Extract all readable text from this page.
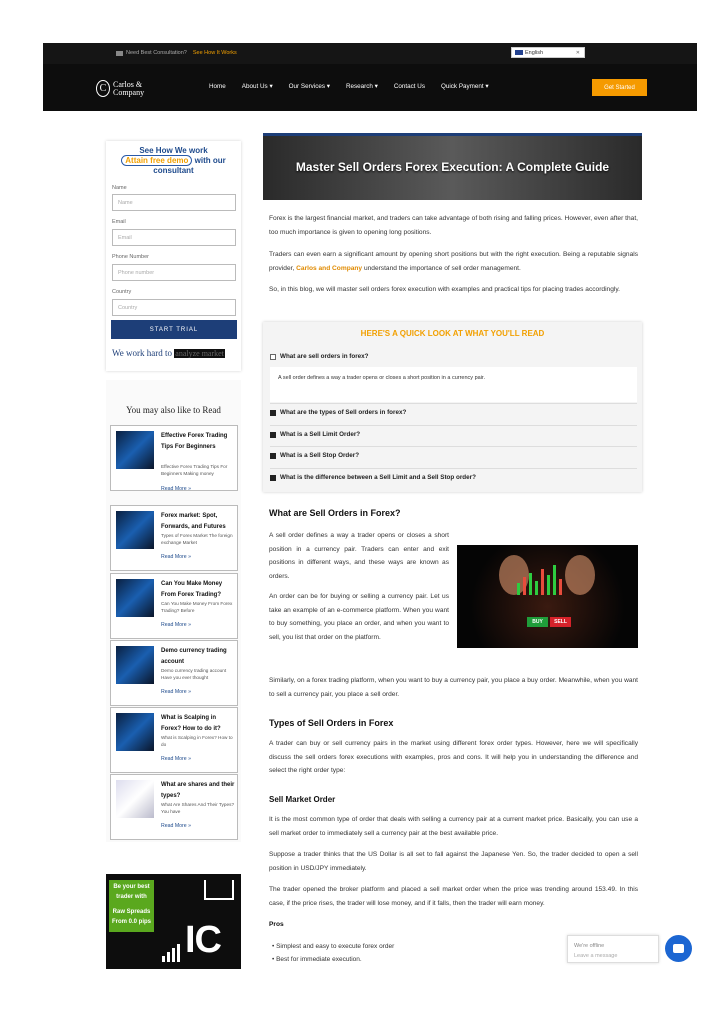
Need Best Consultation? See How It Works	English	✕
C Carlos &
Company
Home	About Us ▾	Our Services ▾	Research ▾	Contact Us	Quick Payment ▾	Get Started
See How We work
Attain free demo with our
consultant
Name
Name
Email
Email
Phone Number
Phone number
Country
Country
START TRIAL
We work hard to analyze market
You may also like to Read
Effective Forex Trading Tips For Beginners
Effective Forex Trading Tips For Beginners Making money
Read More »
Forex market: Spot, Forwards, and Futures
Types of Forex Market The foreign exchange Market
Read More »
Can You Make Money From Forex Trading?
Can You Make Money From Forex Trading? Before
Read More »
Demo currency trading account
Demo currency trading account Have you ever thought
Read More »
What is Scalping in Forex? How to do it?
What is Scalping in Forex? How to do
Read More »
What are shares and their types?
What Are Shares And Their Types? You have
Read More »
Be your best trader with
Raw Spreads From 0.0 pips IC
Master Sell Orders Forex Execution: A Complete Guide
Forex is the largest financial market, and traders can take advantage of both rising and falling prices. However, even after that, too much importance is given to opening long positions.
Traders can even earn a significant amount by opening short positions but with the right execution. Being a reputable signals provider, Carlos and Company understand the importance of sell order management.
So, in this blog, we will master sell orders forex execution with examples and practical tips for placing trades accordingly.
HERE'S A QUICK LOOK AT WHAT YOU'LL READ
What are sell orders in forex?
A sell order defines a way a trader opens or closes a short position in a currency pair.
What are the types of Sell orders in forex?
What is a Sell Limit Order?
What is a Sell Stop Order?
What is the difference between a Sell Limit and a Sell Stop order?
What are Sell Orders in Forex?
A sell order defines a way a trader opens or closes a short position in a currency pair. Traders can enter and exit positions in different ways, and these ways are known as orders.
An order can be for buying or selling a currency pair. Let us take an example of an e-commerce platform. When you want to buy something, you place an order, and when you want to sell, you list that order on the platform.
BUY	SELL
Similarly, on a forex trading platform, when you want to buy a currency pair, you place a buy order. Meanwhile, when you want to sell a currency pair, you place a sell order.
Types of Sell Orders in Forex
A trader can buy or sell currency pairs in the market using different forex order types. However, here we will specifically discuss the sell orders forex executions with examples, pros and cons. It will help you in understanding the difference and select the right order type:
Sell Market Order
It is the most common type of order that deals with selling a currency pair at a current market price. Basically, you can use a sell market order to immediately sell a currency pair at the best available price.
Suppose a trader thinks that the US Dollar is all set to fall against the Japanese Yen. So, the trader decided to open a sell position in USD/JPY immediately.
The trader opened the broker platform and placed a sell market order when the price was trending around 153.49. In this case, if the price rises, the trader will lose money, and if it falls, then the trader will earn money.
Pros
• Simplest and easy to execute forex order
• Best for immediate execution.
We're offline
Leave a message
